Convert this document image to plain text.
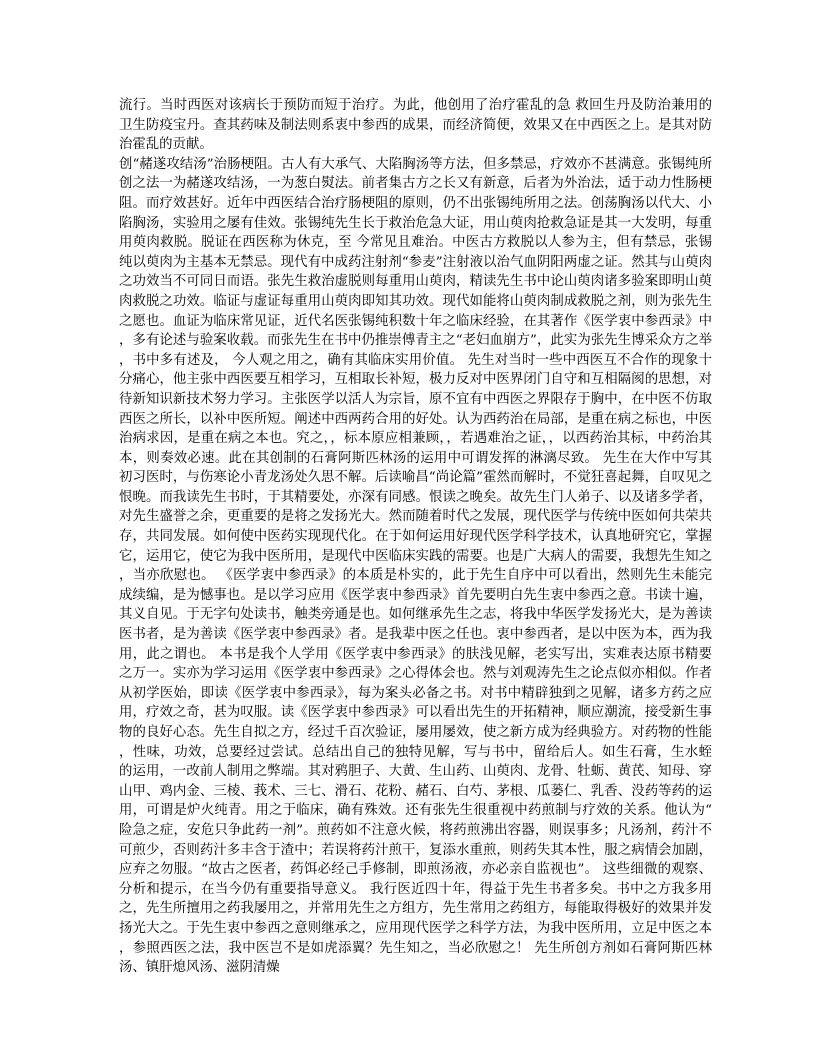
流行。当时西医对该病长于预防而短于治疗。为此，他创用了治疗霍乱的急 救回生丹及防治兼用的卫生防疫宝丹。查其药味及制法则系衷中参西的成果，而经济简便，效果又在中西医之上。是其对防治霍乱的贡献。

创“赭遂攻结汤”治肠梗阻。古人有大承气、大陷胸汤等方法，但多禁忌，疗效亦不甚满意。张锡纯所创之法一为赭遂攻结汤，一为葱白熨法。前者集古方之长又有新意，后者为外治法，适于动力性肠梗阻。而疗效甚好。近年中西医结合治疗肠梗阻的原则，仍不出张锡纯所用之法。创荡胸汤以代大、小陷胸汤，实验用之屡有佳效。张锡纯先生长于救治危急大证，用山萸肉抢救急证是其一大发明，每重用萸肉救脱。脱证在西医称为休克，至 今常见且难治。中医古方救脱以人参为主，但有禁忌，张锡纯以萸肉为主基本无禁忌。现代有中成药注射剂“参麦”注射液以治气血阴阳两虚之证。然其与山萸肉之功效当不可同日而语。张先生救治虚脱则每重用山萸肉，精读先生书中论山萸肉诸多验案即明山萸肉救脱之功效。临证与虚证每重用山萸肉即知其功效。现代如能将山萸肉制成救脱之剂，则为张先生之愿也。血证为临床常见证，近代名医张锡纯积数十年之临床经验，在其著作《医学衷中参西录》中，多有论述与验案收载。而张先生在书中仍推崇傅青主之“老妇血崩方”，此实为张先生博采众方之举，书中多有述及， 今人观之用之，确有其临床实用价值。 先生对当时一些中西医互不合作的现象十分痛心，他主张中西医要互相学习，互相取长补短，极力反对中医界闭门自守和互相隔阂的思想，对待新知识新技术努力学习。主张医学以活人为宗旨，原不宜有中西医之界限存于胸中，在中医不仿取西医之所长，以补中医所短。阐述中西两药合用的好处。认为西药治在局部，是重在病之标也，中医治病求因，是重在病之本也。究之，，标本原应相兼顾，，若遇难治之证，，以西药治其标，中药治其本，则奏效必速。此在其创制的石膏阿斯匹林汤的运用中可谓发挥的淋漓尽致。 先生在大作中写其初习医时，与伤寒论小青龙汤处久思不解。后读喻昌“尚论篇”霍然而解时，不觉狂喜起舞，自叹见之恨晚。而我读先生书时，于其精要处，亦深有同感。恨读之晚矣。故先生门人弟子、以及诸多学者，对先生盛誉之余，更重要的是将之发扬光大。然而随着时代之发展，现代医学与传统中医如何共荣共存，共同发展。如何使中医药实现现代化。在于如何运用好现代医学科学技术，认真地研究它，掌握它，运用它，使它为我中医所用，是现代中医临床实践的需要。也是广大病人的需要，我想先生知之，当亦欣慰也。 《医学衷中参西录》的本质是朴实的，此于先生自序中可以看出，然则先生未能完成续编，是为憾事也。是以学习应用《医学衷中参西录》首先要明白先生衷中参西之意。书读十遍，其义自见。于无字句处读书，触类旁通是也。如何继承先生之志，将我中华医学发扬光大，是为善读医书者，是为善读《医学衷中参西录》者。是我辈中医之任也。衷中参西者，是以中医为本，西为我用，此之谓也。 本书是我个人学用《医学衷中参西录》的肤浅见解，老实写出，实难表达原书精要之万一。实亦为学习运用《医学衷中参西录》之心得体会也。然与刘观涛先生之论点似亦相似。作者从初学医始，即读《医学衷中参西录》，每为案头必备之书。对书中精辟独到之见解，诸多方药之应用，疗效之奇，甚为叹服。读《医学衷中参西录》可以看出先生的开拓精神，顺应潮流，接受新生事物的良好心态。先生自拟之方，经过千百次验证，屡用屡效，使之新方成为经典验方。对药物的性能，性味，功效，总要经过尝试。总结出自己的独特见解，写与书中，留给后人。如生石膏，生水蛭 的运用，一改前人制用之弊端。其对鸦胆子、大黄、生山药、山萸肉、龙骨、牡蛎、黄芪、知母、穿山甲、鸡内金、三棱、莪术、三七、滑石、花粉、赭石、白芍、茅根、瓜蒌仁、乳香、没药等药的运用，可谓是炉火纯青。用之于临床，确有殊效。还有张先生很重视中药煎制与疗效的关系。他认为“险急之症，安危只争此药一剂”。煎药如不注意火候，将药煎沸出容器，则误事多；凡汤剂，药汁不可煎少，否则药汁多丰含于渣中；若误将药汁煎干，复添水重煎，则药失其本性，服之病情会加剧，应弃之勿服。“故古之医者，药饵必经己手修制，即煎汤液，亦必亲自监视也”。 这些细微的观察、分析和提示，在当今仍有重要指导意义。 我行医近四十年，得益于先生书者多矣。书中之方我多用之，先生所擅用之药我屡用之，并常用先生之方组方，先生常用之药组方，每能取得极好的效果并发扬光大之。于先生衷中参西之意则继承之，应用现代医学之科学方法，为我中医所用，立足中医之本，参照西医之法，我中医岂不是如虎添翼？先生知之，当必欣慰之！ 先生所创方剂如石膏阿斯匹林汤、镇肝熄风汤、滋阴清燥
